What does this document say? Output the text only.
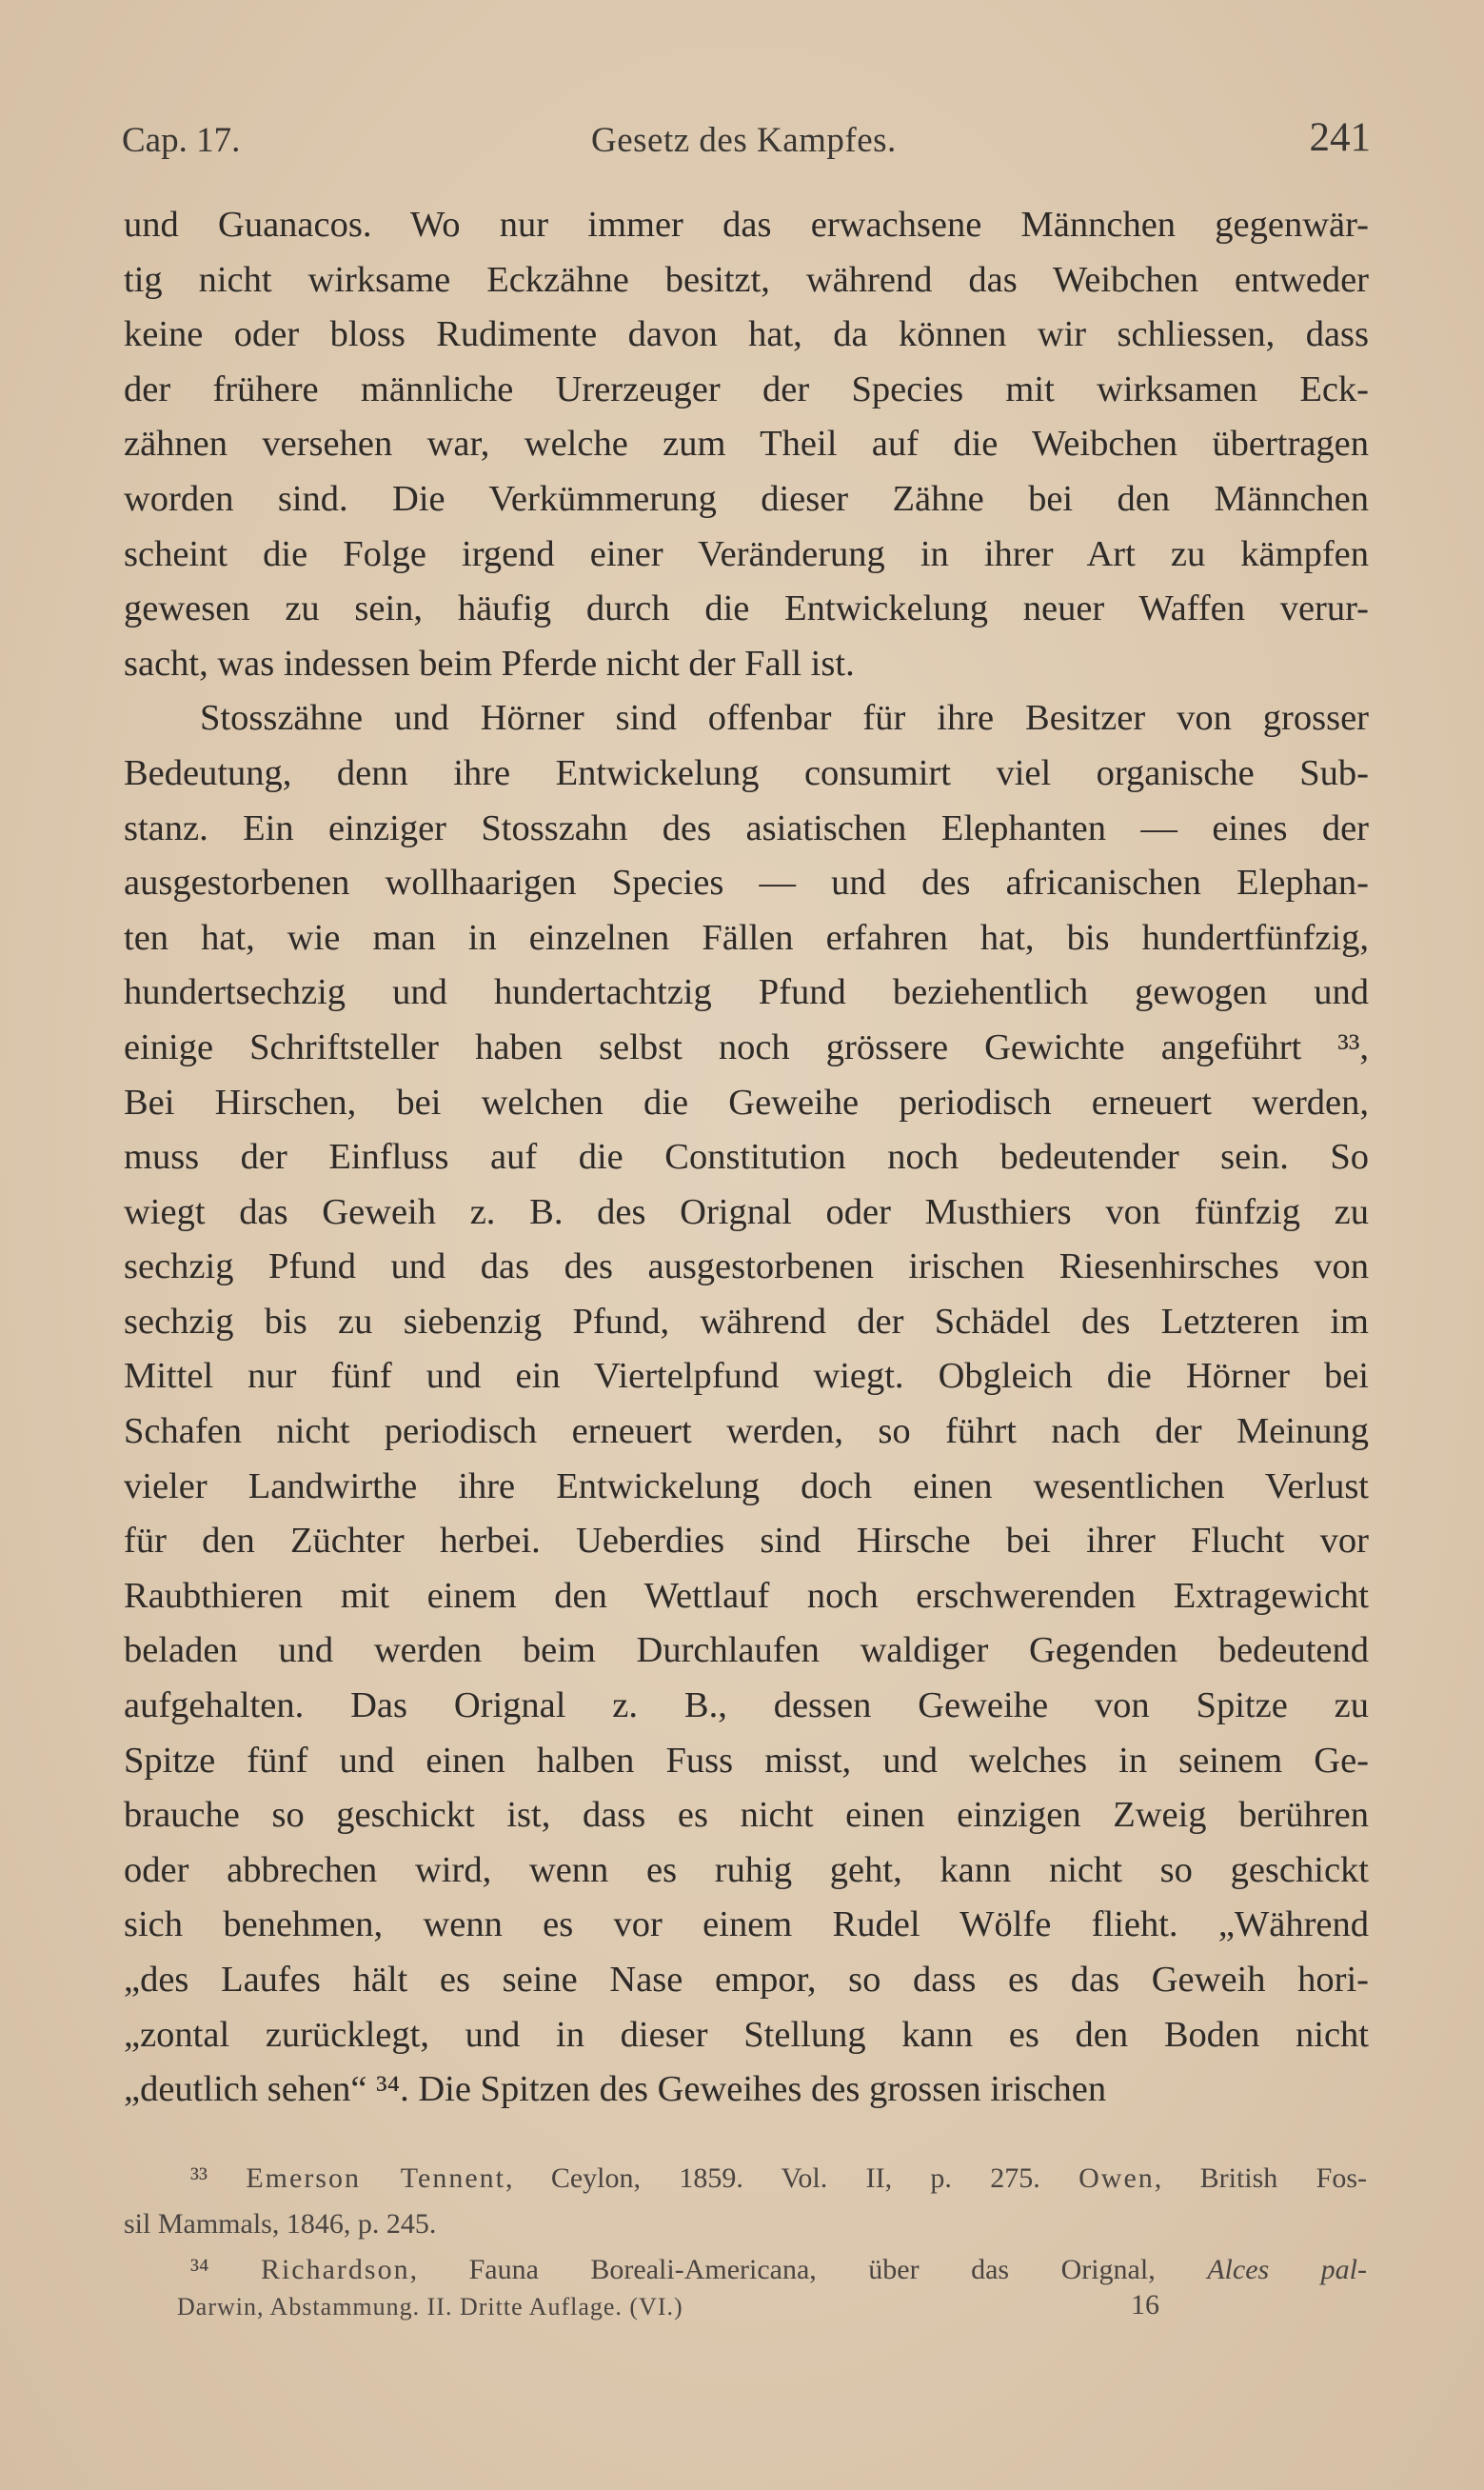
Cap. 17.	Gesetz des Kampfes.	241
und Guanacos. Wo nur immer das erwachsene Männchen gegenwär-
tig nicht wirksame Eckzähne besitzt, während das Weibchen entweder
keine oder bloss Rudimente davon hat, da können wir schliessen, dass
der frühere männliche Urerzeuger der Species mit wirksamen Eck-
zähnen versehen war, welche zum Theil auf die Weibchen übertragen
worden sind. Die Verkümmerung dieser Zähne bei den Männchen
scheint die Folge irgend einer Veränderung in ihrer Art zu kämpfen
gewesen zu sein, häufig durch die Entwickelung neuer Waffen verur-
sacht, was indessen beim Pferde nicht der Fall ist.
Stosszähne und Hörner sind offenbar für ihre Besitzer von grosser
Bedeutung, denn ihre Entwickelung consumirt viel organische Sub-
stanz. Ein einziger Stosszahn des asiatischen Elephanten — eines der
ausgestorbenen wollhaarigen Species — und des africanischen Elephan-
ten hat, wie man in einzelnen Fällen erfahren hat, bis hundertfünfzig,
hundertsechzig und hundertachtzig Pfund beziehentlich gewogen und
einige Schriftsteller haben selbst noch grössere Gewichte angeführt ³³,
Bei Hirschen, bei welchen die Geweihe periodisch erneuert werden,
muss der Einfluss auf die Constitution noch bedeutender sein. So
wiegt das Geweih z. B. des Orignal oder Musthiers von fünfzig zu
sechzig Pfund und das des ausgestorbenen irischen Riesenhirsches von
sechzig bis zu siebenzig Pfund, während der Schädel des Letzteren im
Mittel nur fünf und ein Viertelpfund wiegt. Obgleich die Hörner bei
Schafen nicht periodisch erneuert werden, so führt nach der Meinung
vieler Landwirthe ihre Entwickelung doch einen wesentlichen Verlust
für den Züchter herbei. Ueberdies sind Hirsche bei ihrer Flucht vor
Raubthieren mit einem den Wettlauf noch erschwerenden Extragewicht
beladen und werden beim Durchlaufen waldiger Gegenden bedeutend
aufgehalten. Das Orignal z. B., dessen Geweihe von Spitze zu
Spitze fünf und einen halben Fuss misst, und welches in seinem Ge-
brauche so geschickt ist, dass es nicht einen einzigen Zweig berühren
oder abbrechen wird, wenn es ruhig geht, kann nicht so geschickt
sich benehmen, wenn es vor einem Rudel Wölfe flieht. „Während
„des Laufes hält es seine Nase empor, so dass es das Geweih hori-
„zontal zurücklegt, und in dieser Stellung kann es den Boden nicht
„deutlich sehen“ ³⁴. Die Spitzen des Geweihes des grossen irischen
³³ Emerson Tennent, Ceylon, 1859. Vol. II, p. 275. Owen, British Fos-
sil Mammals, 1846, p. 245.
³⁴ Richardson, Fauna Boreali-Americana, über das Orignal, Alces pal-
Darwin, Abstammung. II. Dritte Auflage. (VI.)	16
